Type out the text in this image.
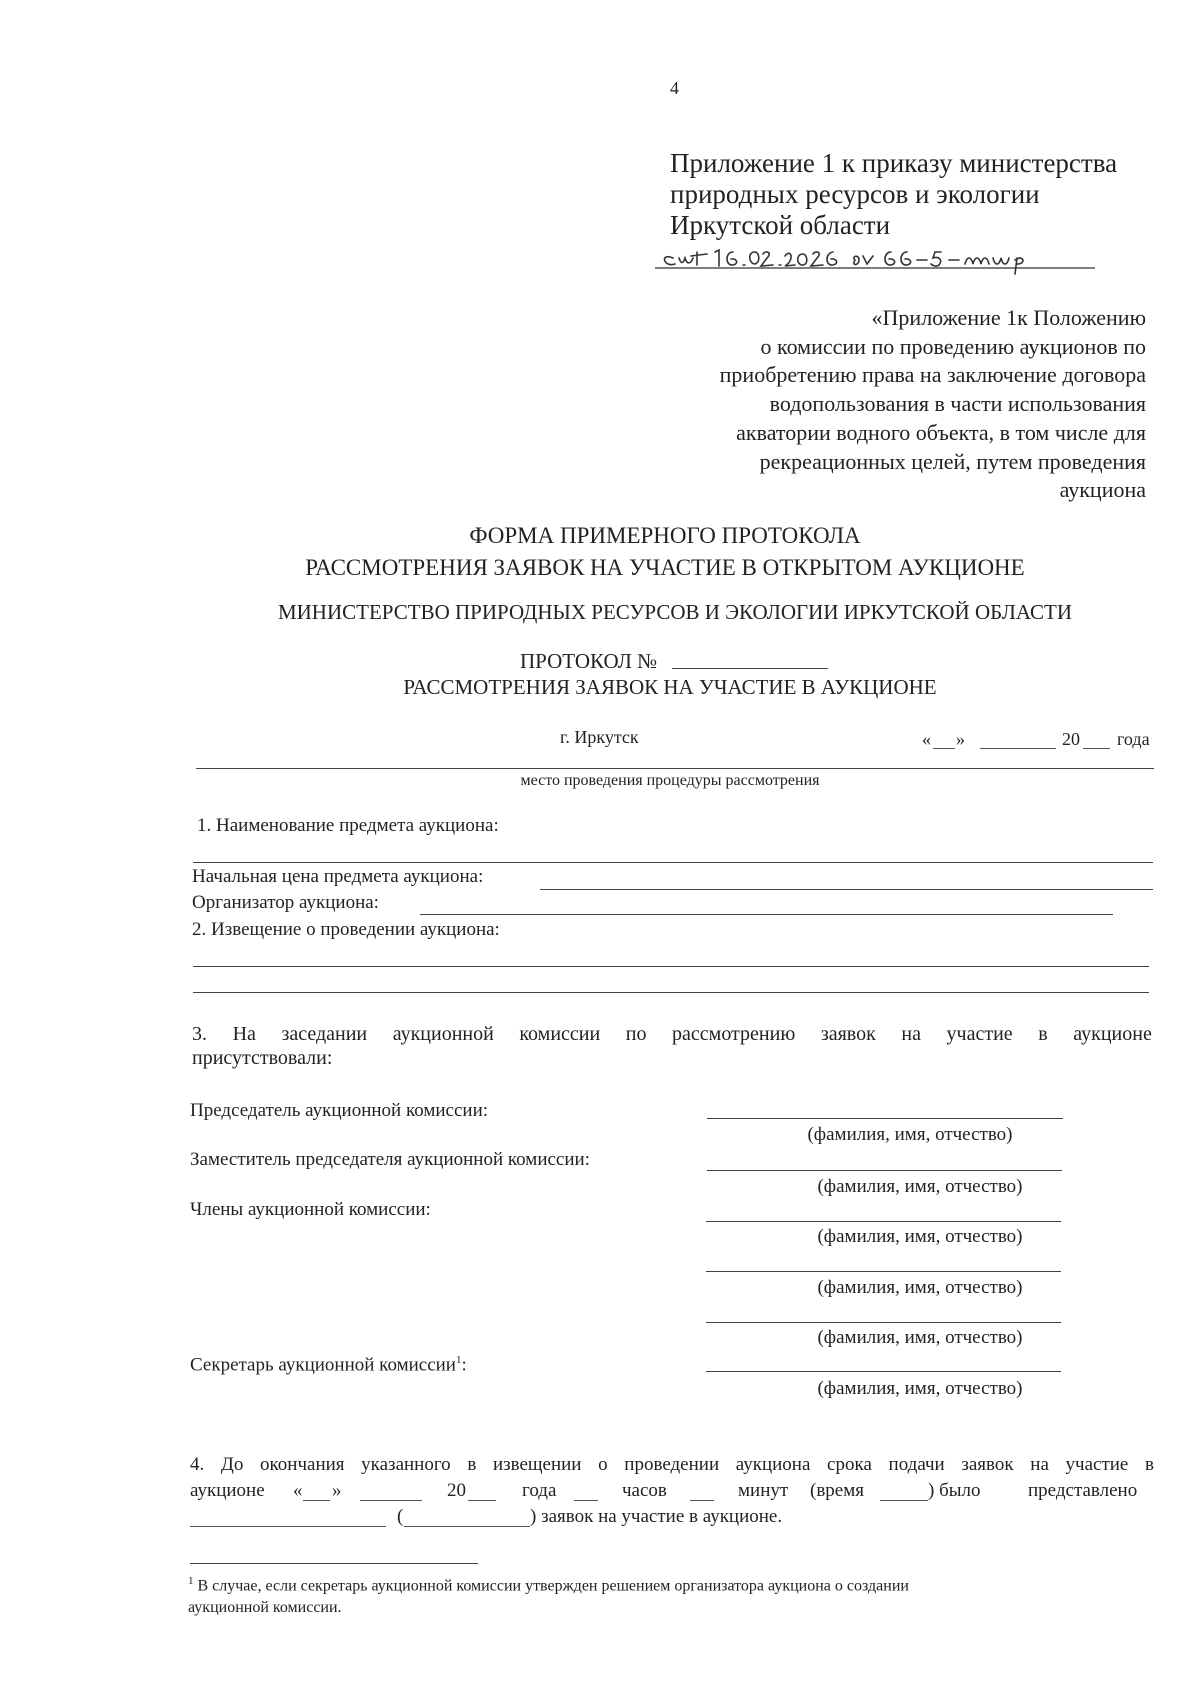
4
Приложение 1 к приказу министерства
природных ресурсов и экологии
Иркутской области
«Приложение 1к Положению
о комиссии по проведению аукционов по
приобретению права на заключение договора
водопользования в части использования
акватории водного объекта, в том числе для
рекреационных целей, путем проведения
аукциона
ФОРМА ПРИМЕРНОГО ПРОТОКОЛА
РАССМОТРЕНИЯ ЗАЯВОК НА УЧАСТИЕ В ОТКРЫТОМ АУКЦИОНЕ
МИНИСТЕРСТВО ПРИРОДНЫХ РЕСУРСОВ И ЭКОЛОГИИ ИРКУТСКОЙ ОБЛАСТИ
ПРОТОКОЛ №
РАССМОТРЕНИЯ ЗАЯВОК НА УЧАСТИЕ В АУКЦИОНЕ
г. Иркутск	« »	20 года
место проведения процедуры рассмотрения
1. Наименование предмета аукциона:
Начальная цена предмета аукциона:
Организатор аукциона:
2. Извещение о проведении аукциона:
3. На заседании аукционной комиссии по рассмотрению заявок на участие в аукционе
присутствовали:
Председатель аукционной комиссии:
(фамилия, имя, отчество)
Заместитель председателя аукционной комиссии:
(фамилия, имя, отчество)
Члены аукционной комиссии:
(фамилия, имя, отчество)
(фамилия, имя, отчество)
(фамилия, имя, отчество)
Секретарь аукционной комиссии$^1$:
(фамилия, имя, отчество)
4. До окончания указанного в извещении о проведении аукциона срока подачи заявок на участие в
аукционе « »	20	года	часов	минут (время	) было	представлено
(	) заявок на участие в аукционе.
$^1$ В случае, если секретарь аукционной комиссии утвержден решением организатора аукциона о создании
аукционной комиссии.
